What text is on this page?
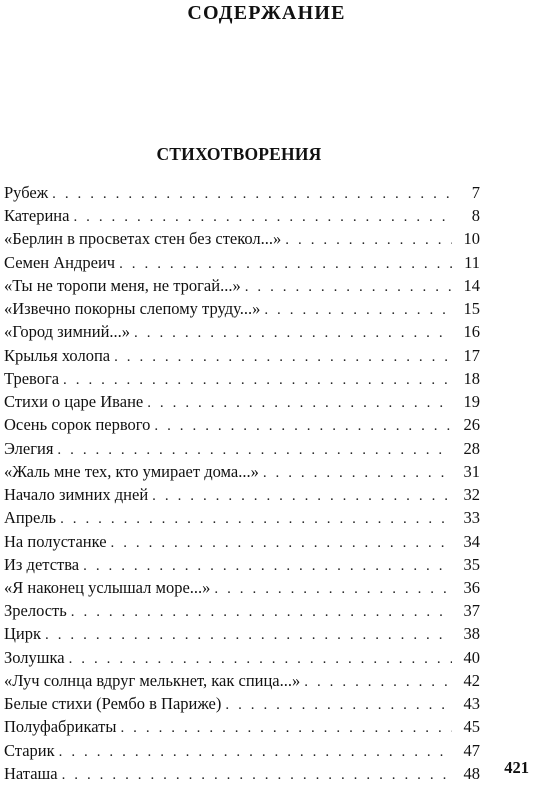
СОДЕРЖАНИЕ
СТИХОТВОРЕНИЯ
Рубеж . . .	7
Катерина . . .	8
«Берлин в просветах стен без стекол...» . . .	10
Семен Андреич . . .	11
«Ты не торопи меня, не трогай...» . . .	14
«Извечно покорны слепому труду...» . . .	15
«Город зимний...» . . .	16
Крылья холопа . . .	17
Тревога . . .	18
Стихи о царе Иване . . .	19
Осень сорок первого . . .	26
Элегия . . .	28
«Жаль мне тех, кто умирает дома...» . . .	31
Начало зимних дней . . .	32
Апрель . . .	33
На полустанке . . .	34
Из детства . . .	35
«Я наконец услышал море...» . . .	36
Зрелость . . .	37
Цирк . . .	38
Золушка . . .	40
«Луч солнца вдруг мелькнет, как спица...» . . .	42
Белые стихи (Рембо в Париже) . . .	43
Полуфабрикаты . . .	45
Старик . . .	47
Наташа . . .	48 421
